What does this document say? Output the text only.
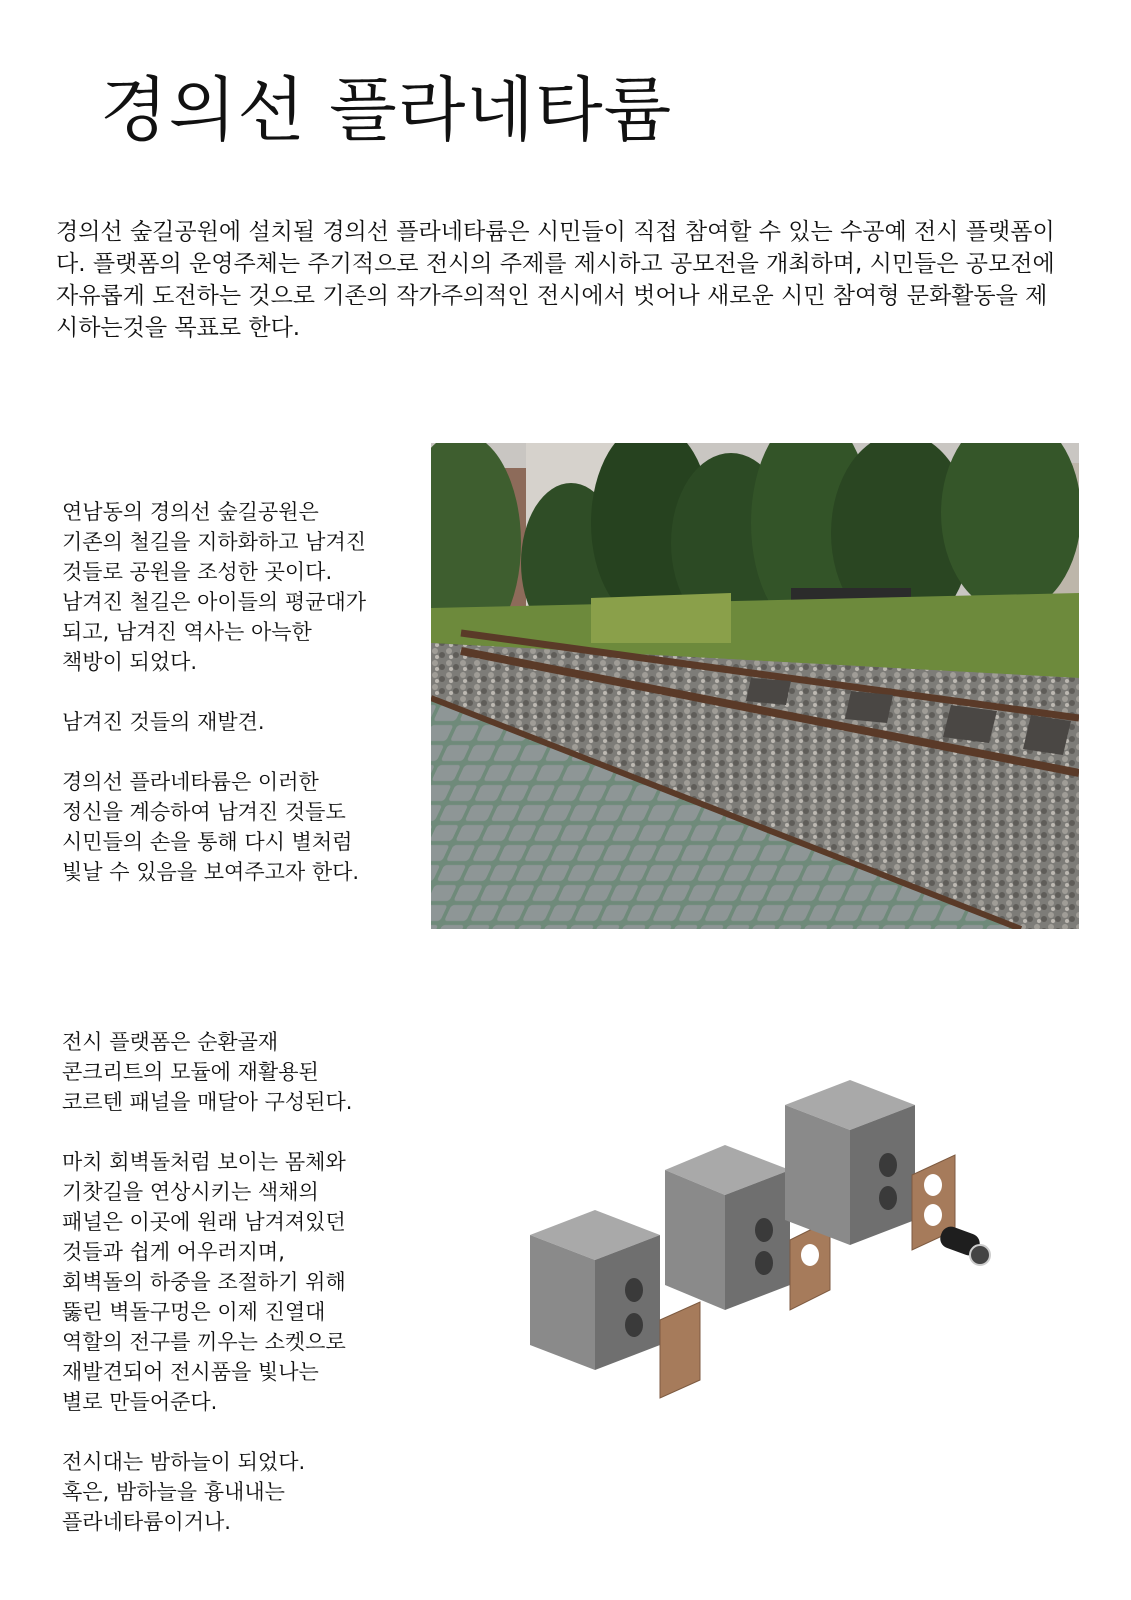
경의선 플라네타륨

경의선 숲길공원에 설치될 경의선 플라네타륨은 시민들이 직접 참여할 수 있는 수공예 전시 플랫폼이다. 플랫폼의 운영주체는 주기적으로 전시의 주제를 제시하고 공모전을 개최하며, 시민들은 공모전에 자유롭게 도전하는 것으로 기존의 작가주의적인 전시에서 벗어나 새로운 시민 참여형 문화활동을 제시하는것을 목표로 한다.

연남동의 경의선 숲길공원은
기존의 철길을 지하화하고 남겨진
것들로 공원을 조성한 곳이다.
남겨진 철길은 아이들의 평균대가
되고, 남겨진 역사는 아늑한
책방이 되었다.

남겨진 것들의 재발견.

경의선 플라네타륨은 이러한
정신을 계승하여 남겨진 것들도
시민들의 손을 통해 다시 별처럼
빛날 수 있음을 보여주고자 한다.

전시 플랫폼은 순환골재
콘크리트의 모듈에 재활용된
코르텐 패널을 매달아 구성된다.

마치 회벽돌처럼 보이는 몸체와
기찻길을 연상시키는 색채의
패널은 이곳에 원래 남겨져있던
것들과 쉽게 어우러지며,
회벽돌의 하중을 조절하기 위해
뚫린 벽돌구멍은 이제 진열대
역할의 전구를 끼우는 소켓으로
재발견되어 전시품을 빛나는
별로 만들어준다.

전시대는 밤하늘이 되었다.
혹은, 밤하늘을 흉내내는
플라네타륨이거나.
